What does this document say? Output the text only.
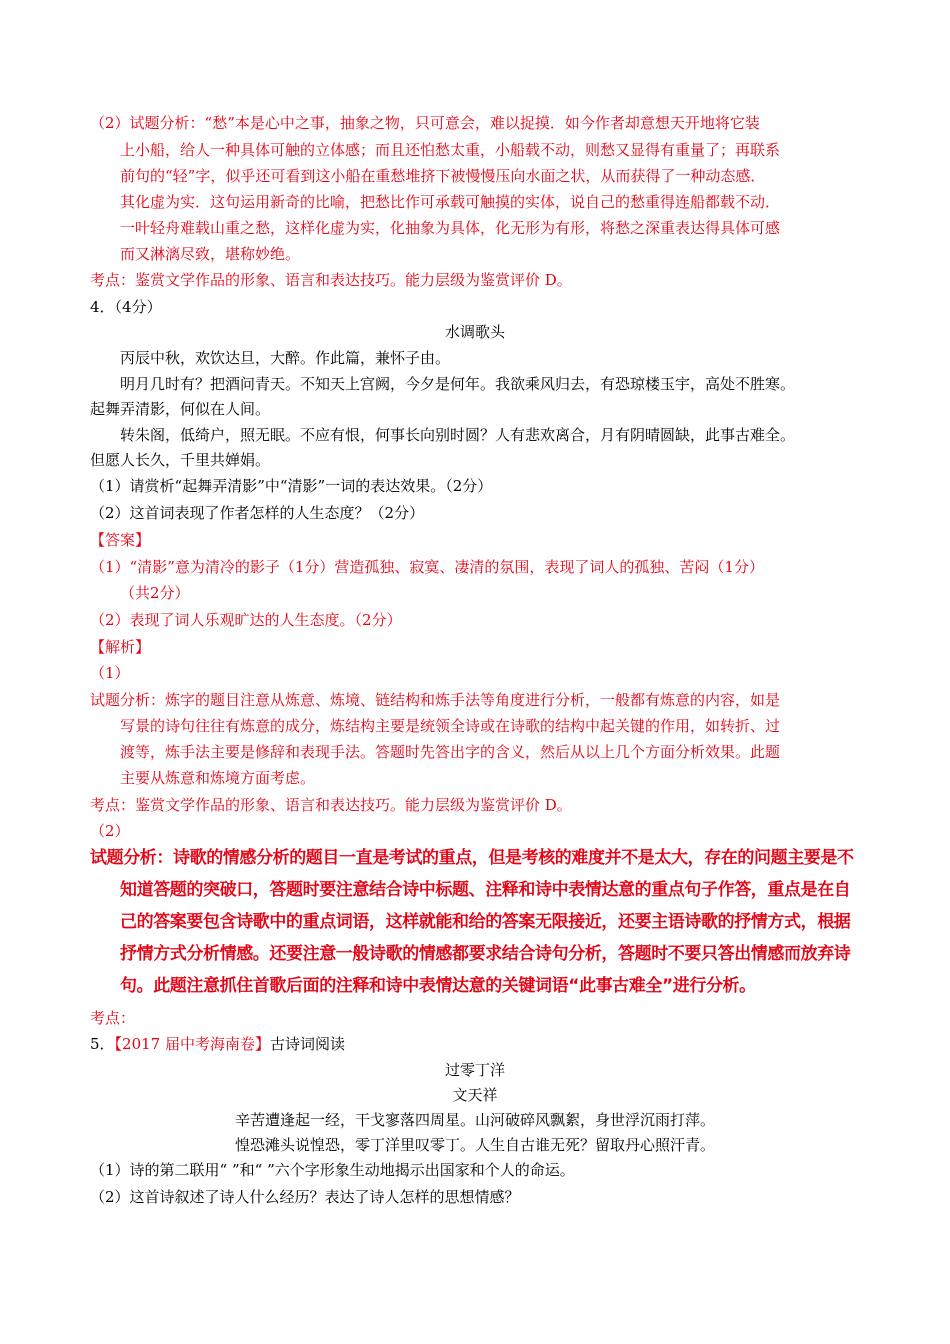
（2）试题分析：“愁”本是心中之事，抽象之物，只可意会，难以捉摸．如今作者却意想天开地将它装
上小船，给人一种具体可触的立体感；而且还怕愁太重，小船载不动，则愁又显得有重量了；再联系
前句的“轻”字，似乎还可看到这小船在重愁堆挤下被慢慢压向水面之状，从而获得了一种动态感．
其化虚为实．这句运用新奇的比喻，把愁比作可承载可触摸的实体，说自己的愁重得连船都载不动．
一叶轻舟难载山重之愁，这样化虚为实，化抽象为具体，化无形为有形，将愁之深重表达得具体可感
而又淋漓尽致，堪称妙绝。
考点：鉴赏文学作品的形象、语言和表达技巧。能力层级为鉴赏评价 D。
4．（4分）
水调歌头
丙辰中秋，欢饮达旦，大醉。作此篇，兼怀子由。
明月几时有？把酒问青天。不知天上宫阙，今夕是何年。我欲乘风归去，有恐琼楼玉宇，高处不胜寒。
起舞弄清影，何似在人间。
转朱阁，低绮户，照无眠。不应有恨，何事长向别时圆？人有悲欢离合，月有阴晴圆缺，此事古难全。
但愿人长久，千里共婵娟。
（1）请赏析“起舞弄清影”中“清影”一词的表达效果。（2分）
（2）这首词表现了作者怎样的人生态度？（2分）
【答案】
（1）“清影”意为清冷的影子（1分）营造孤独、寂寞、凄清的氛围，表现了词人的孤独、苦闷（1分）
（共2分）
（2）表现了词人乐观旷达的人生态度。（2分）
【解析】
（1）
试题分析：炼字的题目注意从炼意、炼境、链结构和炼手法等角度进行分析，一般都有炼意的内容，如是
写景的诗句往往有炼意的成分，炼结构主要是统领全诗或在诗歌的结构中起关键的作用，如转折、过
渡等，炼手法主要是修辞和表现手法。答题时先答出字的含义，然后从以上几个方面分析效果。此题
主要从炼意和炼境方面考虑。
考点：鉴赏文学作品的形象、语言和表达技巧。能力层级为鉴赏评价 D。
（2）
试题分析：诗歌的情感分析的题目一直是考试的重点，但是考核的难度并不是太大，存在的问题主要是不
知道答题的突破口，答题时要注意结合诗中标题、注释和诗中表情达意的重点句子作答，重点是在自
己的答案要包含诗歌中的重点词语，这样就能和给的答案无限接近，还要主语诗歌的抒情方式，根据
抒情方式分析情感。还要注意一般诗歌的情感都要求结合诗句分析，答题时不要只答出情感而放弃诗
句。此题注意抓住首歌后面的注释和诗中表情达意的关键词语“此事古难全”进行分析。
考点：
5．【2017 届中考海南卷】古诗词阅读
过零丁洋
文天祥
辛苦遭逢起一经，干戈寥落四周星。山河破碎风飘絮，身世浮沉雨打萍。
惶恐滩头说惶恐，零丁洋里叹零丁。人生自古谁无死？留取丹心照汗青。
（1）诗的第二联用“ ”和“ ”六个字形象生动地揭示出国家和个人的命运。
（2）这首诗叙述了诗人什么经历？表达了诗人怎样的思想情感？
